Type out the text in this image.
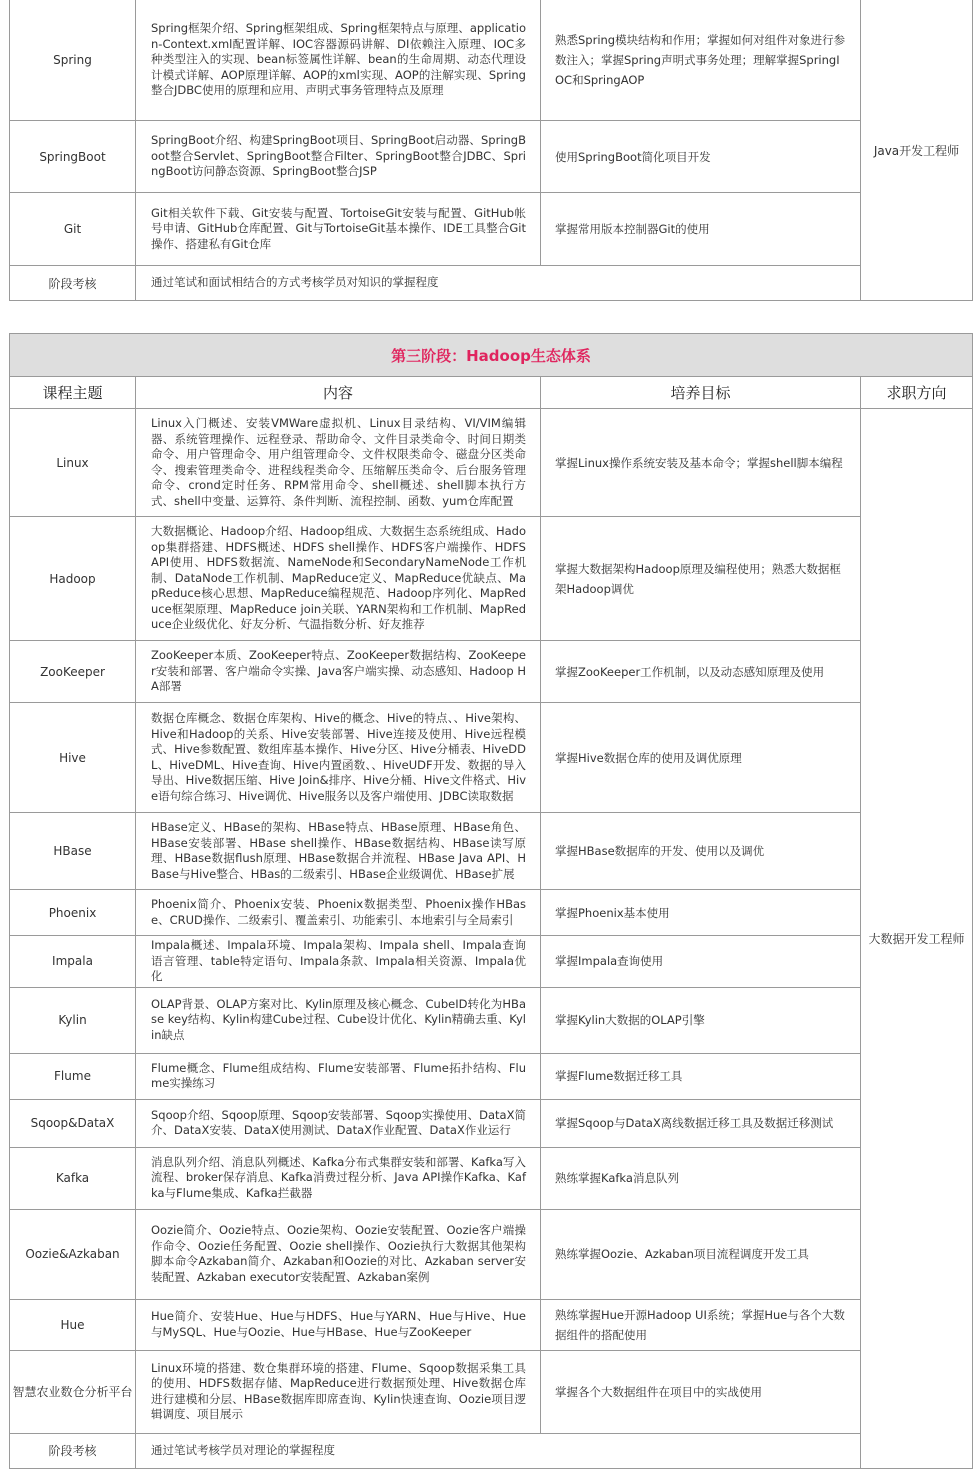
Spring	Spring框架介绍、Spring框架组成、Spring框架特点与原理、application-Context.xml配置详解、IOC容器源码讲解、DI依赖注入原理、IOC多种类型注入的实现、bean标签属性详解、bean的生命周期、动态代理设计模式详解、AOP原理详解、AOP的xml实现、AOP的注解实现、Spring整合JDBC使用的原理和应用、声明式事务管理特点及原理	熟悉Spring模块结构和作用；掌握如何对组件对象进行参数注入；掌握Spring声明式事务处理；理解掌握SpringIOC和SpringAOP	Java开发工程师
SpringBoot	SpringBoot介绍、构建SpringBoot项目、SpringBoot启动器、SpringBoot整合Servlet、SpringBoot整合Filter、SpringBoot整合JDBC、SpringBoot访问静态资源、SpringBoot整合JSP	使用SpringBoot简化项目开发	
Git	Git相关软件下载、Git安装与配置、TortoiseGit安装与配置、GitHub帐号申请、GitHub仓库配置、Git与TortoiseGit基本操作、IDE工具整合Git操作、搭建私有Git仓库	掌握常用版本控制器Git的使用	
阶段考核	通过笔试和面试相结合的方式考核学员对知识的掌握程度		
第三阶段：Hadoop生态体系			
课程主题	内容	培养目标	求职方向
Linux	Linux入门概述、安装VMWare虚拟机、Linux目录结构、VI/VIM编辑器、系统管理操作、远程登录、帮助命令、文件目录类命令、时间日期类命令、用户管理命令、用户组管理命令、文件权限类命令、磁盘分区类命令、搜索管理类命令、进程线程类命令、压缩解压类命令、后台服务管理命令、crond定时任务、RPM常用命令、shell概述、shell脚本执行方式、shell中变量、运算符、条件判断、流程控制、函数、yum仓库配置	掌握Linux操作系统安装及基本命令；掌握shell脚本编程	大数据开发工程师
Hadoop	大数据概论、Hadoop介绍、Hadoop组成、大数据生态系统组成、Hadoop集群搭建、HDFS概述、HDFS shell操作、HDFS客户端操作、HDFS API使用、HDFS数据流、NameNode和SecondaryNameNode工作机制、DataNode工作机制、MapReduce定义、MapReduce优缺点、MapReduce核心思想、MapReduce编程规范、Hadoop序列化、MapReduce框架原理、MapReduce join关联、YARN架构和工作机制、MapReduce企业级优化、好友分析、气温指数分析、好友推荐	掌握大数据架构Hadoop原理及编程使用；熟悉大数据框架Hadoop调优	
ZooKeeper	ZooKeeper本质、ZooKeeper特点、ZooKeeper数据结构、ZooKeeper安装和部署、客户端命令实操、Java客户端实操、动态感知、Hadoop HA部署	掌握ZooKeeper工作机制，以及动态感知原理及使用	
Hive	数据仓库概念、数据仓库架构、Hive的概念、Hive的特点、、Hive架构、Hive和Hadoop的关系、Hive安装部署、Hive连接及使用、Hive远程模式、Hive参数配置、数组库基本操作、Hive分区、Hive分桶表、HiveDDL、HiveDML、Hive查询、Hive内置函数、、HiveUDF开发、数据的导入导出、Hive数据压缩、Hive Join&排序、Hive分桶、Hive文件格式、Hive语句综合练习、Hive调优、Hive服务以及客户端使用、JDBC读取数据	掌握Hive数据仓库的使用及调优原理	
HBase	HBase定义、HBase的架构、HBase特点、HBase原理、HBase角色、HBase安装部署、HBase shell操作、HBase数据结构、HBase读写原理、HBase数据flush原理、HBase数据合并流程、HBase Java API、HBase与Hive整合、HBas的二级索引、HBase企业级调优、HBase扩展	掌握HBase数据库的开发、使用以及调优	
Phoenix	Phoenix简介、Phoenix安装、Phoenix数据类型、Phoenix操作HBase、CRUD操作、二级索引、覆盖索引、功能索引、本地索引与全局索引	掌握Phoenix基本使用	
Impala	Impala概述、Impala环境、Impala架构、Impala shell、Impala查询语言管理、table特定语句、Impala条款、Impala相关资源、Impala优化	掌握Impala查询使用	
Kylin	OLAP背景、OLAP方案对比、Kylin原理及核心概念、CubeID转化为HBase key结构、Kylin构建Cube过程、Cube设计优化、Kylin精确去重、Kylin缺点	掌握Kylin大数据的OLAP引擎	
Flume	Flume概念、Flume组成结构、Flume安装部署、Flume拓扑结构、Flume实操练习	掌握Flume数据迁移工具	
Sqoop&DataX	Sqoop介绍、Sqoop原理、Sqoop安装部署、Sqoop实操使用、DataX简介、DataX安装、DataX使用测试、DataX作业配置、DataX作业运行	掌握Sqoop与DataX离线数据迁移工具及数据迁移测试	
Kafka	消息队列介绍、消息队列概述、Kafka分布式集群安装和部署、Kafka写入流程、broker保存消息、Kafka消费过程分析、Java API操作Kafka、Kafka与Flume集成、Kafka拦截器	熟练掌握Kafka消息队列	
Oozie&Azkaban	Oozie简介、Oozie特点、Oozie架构、Oozie安装配置、Oozie客户端操作命令、Oozie任务配置、Oozie shell操作、Oozie执行大数据其他架构脚本命令Azkaban简介、Azkaban和Oozie的对比、Azkaban server安装配置、Azkaban executor安装配置、Azkaban案例	熟练掌握Oozie、Azkaban项目流程调度开发工具	
Hue	Hue简介、安装Hue、Hue与HDFS、Hue与YARN、Hue与Hive、Hue与MySQL、Hue与Oozie、Hue与HBase、Hue与ZooKeeper	熟练掌握Hue开源Hadoop UI系统；掌握Hue与各个大数据组件的搭配使用	
智慧农业数仓分析平台	Linux环境的搭建、数仓集群环境的搭建、Flume、Sqoop数据采集工具的使用、HDFS数据存储、MapReduce进行数据预处理、Hive数据仓库进行建模和分层、HBase数据库即席查询、Kylin快速查询、Oozie项目逻辑调度、项目展示	掌握各个大数据组件在项目中的实战使用	
阶段考核	通过笔试考核学员对理论的掌握程度		
